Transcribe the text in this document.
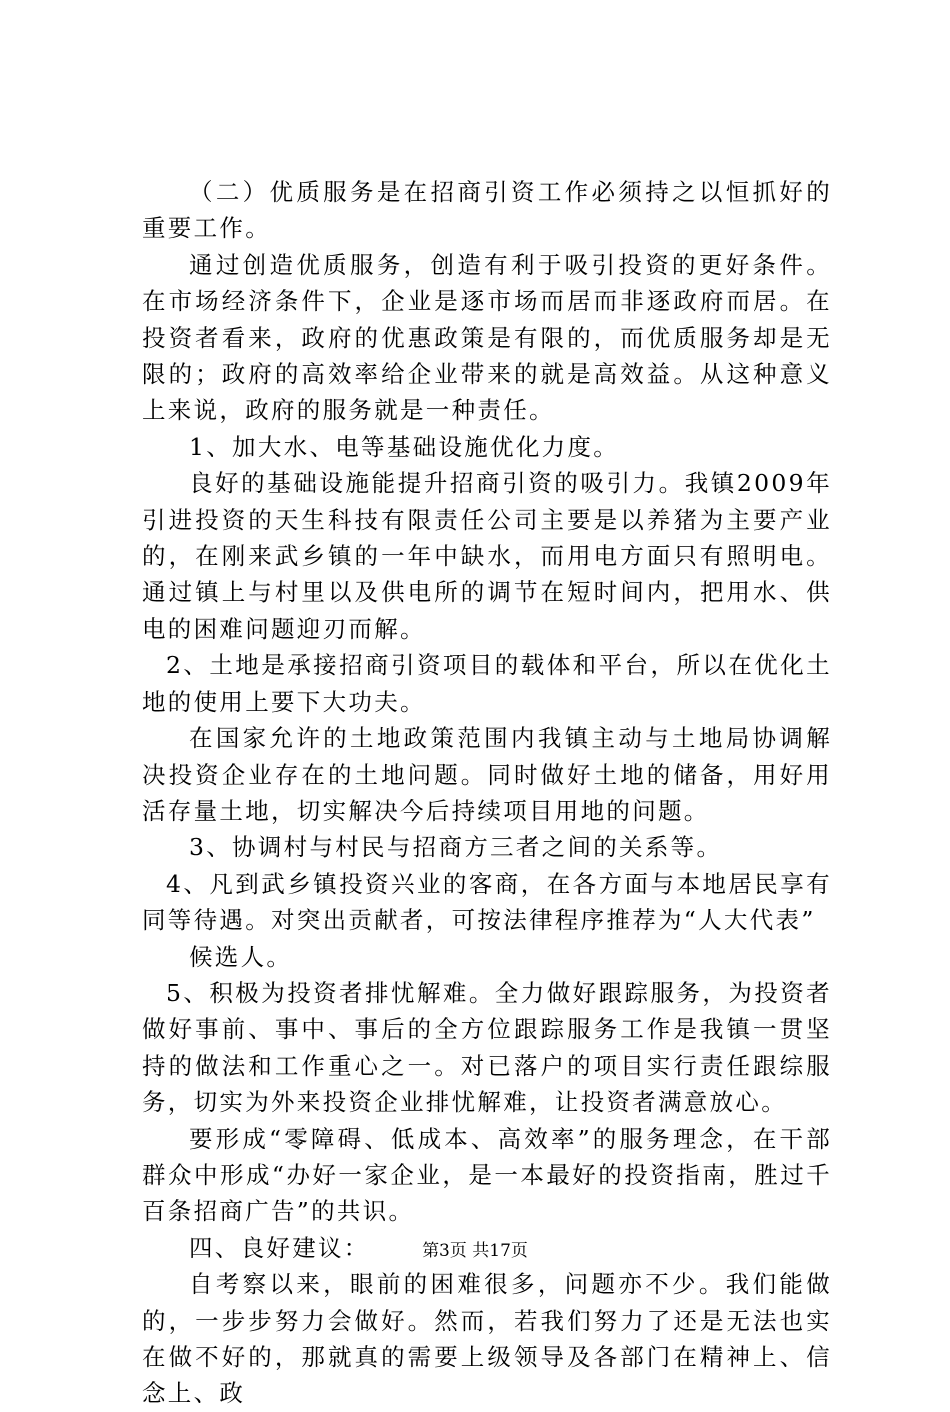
（二）优质服务是在招商引资工作必须持之以恒抓好的重要工作。

通过创造优质服务，创造有利于吸引投资的更好条件。在市场经济条件下，企业是逐市场而居而非逐政府而居。在投资者看来，政府的优惠政策是有限的，而优质服务却是无限的；政府的高效率给企业带来的就是高效益。从这种意义上来说，政府的服务就是一种责任。

1、加大水、电等基础设施优化力度。

良好的基础设施能提升招商引资的吸引力。我镇2009年引进投资的天生科技有限责任公司主要是以养猪为主要产业的，在刚来武乡镇的一年中缺水，而用电方面只有照明电。通过镇上与村里以及供电所的调节在短时间内，把用水、供电的困难问题迎刃而解。

2、土地是承接招商引资项目的载体和平台，所以在优化土地的使用上要下大功夫。

在国家允许的土地政策范围内我镇主动与土地局协调解决投资企业存在的土地问题。同时做好土地的储备，用好用活存量土地，切实解决今后持续项目用地的问题。

3、协调村与村民与招商方三者之间的关系等。

4、凡到武乡镇投资兴业的客商，在各方面与本地居民享有同等待遇。对突出贡献者，可按法律程序推荐为“人大代表”

候选人。

5、积极为投资者排忧解难。全力做好跟踪服务，为投资者做好事前、事中、事后的全方位跟踪服务工作是我镇一贯坚持的做法和工作重心之一。对已落户的项目实行责任跟综服务，切实为外来投资企业排忧解难，让投资者满意放心。

要形成“零障碍、低成本、高效率”的服务理念，在干部群众中形成“办好一家企业，是一本最好的投资指南，胜过千百条招商广告”的共识。

四、良好建议：

自考察以来，眼前的困难很多，问题亦不少。我们能做的，一步步努力会做好。然而，若我们努力了还是无法也实在做不好的，那就真的需要上级领导及各部门在精神上、信念上、政

第3页 共17页
